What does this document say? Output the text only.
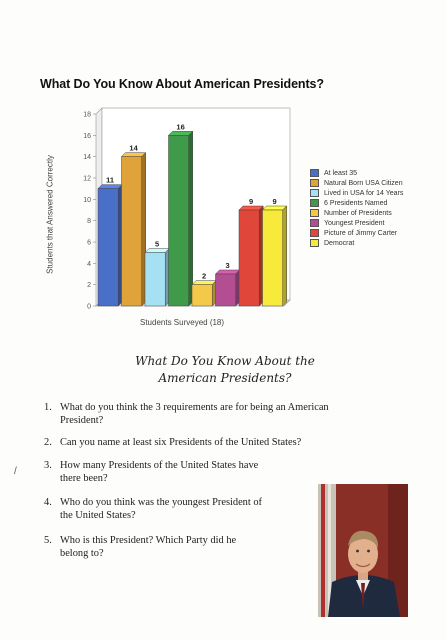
What Do You Know About American Presidents?
0
2
4
6
8
10
12
14
16
18
11
14
5
16
2
3
9	9
Students that Answered Correctly
Students Surveyed (18)
At least 35
Natural Born USA Citizen
Lived in USA for 14 Years
6 Presidents Named
Number of Presidents
Youngest President
Picture of Jimmy Carter
Democrat
What Do You Know About the
American Presidents?
1. What do you think the 3 requirements are for being an American
President?
2. Can you name at least six Presidents of the United States?
3. How many Presidents of the United States have
there been?
4. Who do you think was the youngest President of
the United States?
5. Who is this President? Which Party did he
belong to?
/
